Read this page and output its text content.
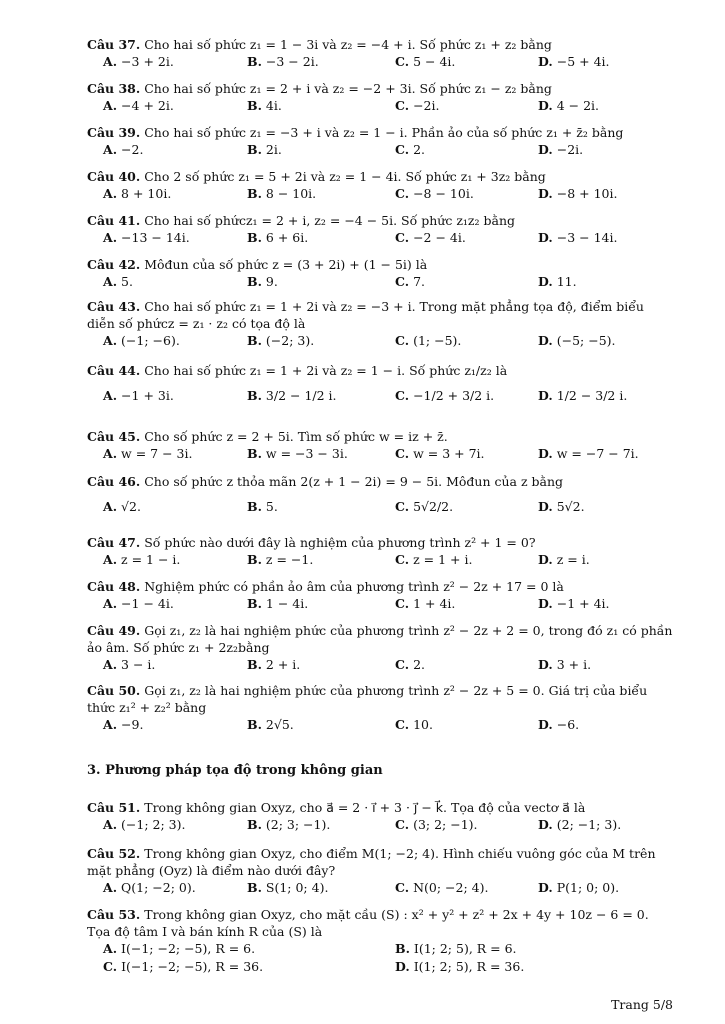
Câu 37. Cho hai số phức z₁ = 1 − 3i và z₂ = −4 + i. Số phức z₁ + z₂ bằng
A. −3 + 2i.	B. −3 − 2i.	C. 5 − 4i.	D. −5 + 4i.
Câu 38. Cho hai số phức z₁ = 2 + i và z₂ = −2 + 3i. Số phức z₁ − z₂ bằng
A. −4 + 2i.	B. 4i.	C. −2i.	D. 4 − 2i.
Câu 39. Cho hai số phức z₁ = −3 + i và z₂ = 1 − i. Phần ảo của số phức z₁ + z̄₂ bằng
A. −2.	B. 2i.	C. 2.	D. −2i.
Câu 40. Cho 2 số phức z₁ = 5 + 2i và z₂ = 1 − 4i. Số phức z₁ + 3z₂ bằng
A. 8 + 10i.	B. 8 − 10i.	C. −8 − 10i.	D. −8 + 10i.
Câu 41. Cho hai số phứcz₁ = 2 + i, z₂ = −4 − 5i. Số phức z₁z₂ bằng
A. −13 − 14i.	B. 6 + 6i.	C. −2 − 4i.	D. −3 − 14i.
Câu 42. Môđun của số phức z = (3 + 2i) + (1 − 5i) là
A. 5.	B. 9.	C. 7.	D. 11.
Câu 43. Cho hai số phức z₁ = 1 + 2i và z₂ = −3 + i. Trong mặt phẳng tọa độ, điểm biểu diễn số phứcz = z₁ · z₂ có tọa độ là
A. (−1; −6).	B. (−2; 3).	C. (1; −5).	D. (−5; −5).
Câu 44. Cho hai số phức z₁ = 1 + 2i và z₂ = 1 − i. Số phức z₁/z₂ là
A. −1 + 3i.	B. 3/2 − 1/2 i.	C. −1/2 + 3/2 i.	D. 1/2 − 3/2 i.
Câu 45. Cho số phức z = 2 + 5i. Tìm số phức w = iz + z̄.
A. w = 7 − 3i.	B. w = −3 − 3i.	C. w = 3 + 7i.	D. w = −7 − 7i.
Câu 46. Cho số phức z thỏa mãn 2(z + 1 − 2i) = 9 − 5i. Môđun của z bằng
A. √2.	B. 5.	C. 5√2/2.	D. 5√2.
Câu 47. Số phức nào dưới đây là nghiệm của phương trình z² + 1 = 0?
A. z = 1 − i.	B. z = −1.	C. z = 1 + i.	D. z = i.
Câu 48. Nghiệm phức có phần ảo âm của phương trình z² − 2z + 17 = 0 là
A. −1 − 4i.	B. 1 − 4i.	C. 1 + 4i.	D. −1 + 4i.
Câu 49. Gọi z₁, z₂ là hai nghiệm phức của phương trình z² − 2z + 2 = 0, trong đó z₁ có phần ảo âm. Số phức z₁ + 2z₂bằng
A. 3 − i.	B. 2 + i.	C. 2.	D. 3 + i.
Câu 50. Gọi z₁, z₂ là hai nghiệm phức của phương trình z² − 2z + 5 = 0. Giá trị của biểu thức z₁² + z₂² bằng
A. −9.	B. 2√5.	C. 10.	D. −6.
3. Phương pháp tọa độ trong không gian
Câu 51. Trong không gian Oxyz, cho a⃗ = 2 · i⃗ + 3 · j⃗ − k⃗. Tọa độ của vectơ a⃗ là
A. (−1; 2; 3).	B. (2; 3; −1).	C. (3; 2; −1).	D. (2; −1; 3).
Câu 52. Trong không gian Oxyz, cho điểm M(1; −2; 4). Hình chiếu vuông góc của M trên mặt phẳng (Oyz) là điểm nào dưới đây?
A. Q(1; −2; 0).	B. S(1; 0; 4).	C. N(0; −2; 4).	D. P(1; 0; 0).
Câu 53. Trong không gian Oxyz, cho mặt cầu (S) : x² + y² + z² + 2x + 4y + 10z − 6 = 0. Tọa độ tâm I và bán kính R của (S) là
A. I(−1; −2; −5), R = 6.	B. I(1; 2; 5), R = 6.
C. I(−1; −2; −5), R = 36.	D. I(1; 2; 5), R = 36.
Trang 5/8
